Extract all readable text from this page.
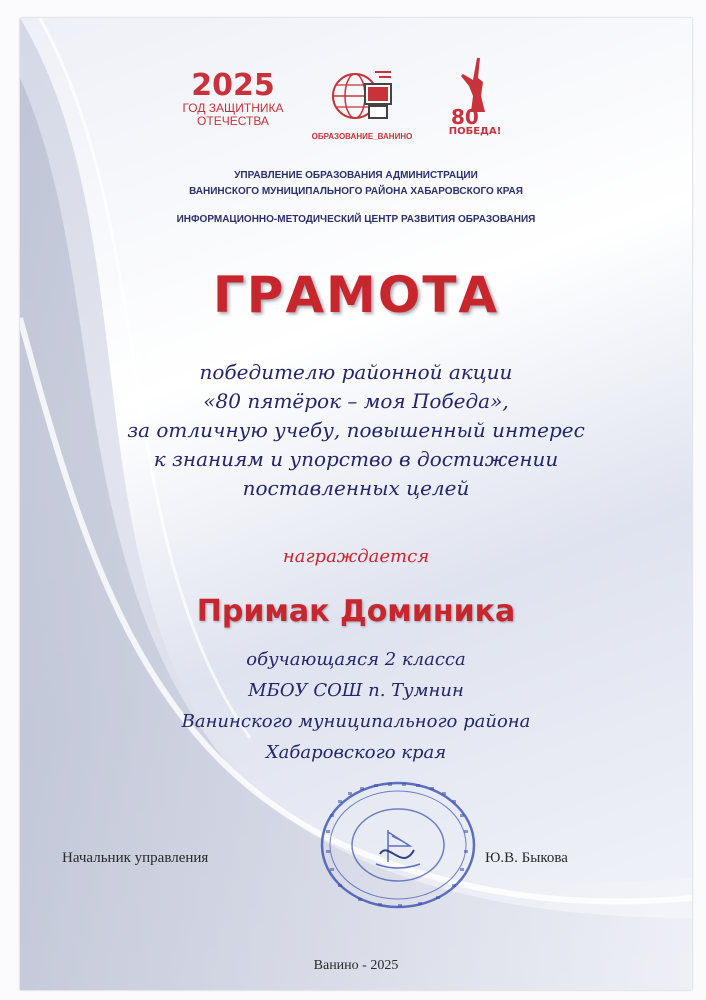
2025
ГОД ЗАЩИТНИКА
ОТЕЧЕСТВА
ОБРАЗОВАНИЕ_ВАНИНО
80
ПОБЕДА!
УПРАВЛЕНИЕ ОБРАЗОВАНИЯ АДМИНИСТРАЦИИ
ВАНИНСКОГО МУНИЦИПАЛЬНОГО РАЙОНА ХАБАРОВСКОГО КРАЯ
ИНФОРМАЦИОННО-МЕТОДИЧЕСКИЙ ЦЕНТР РАЗВИТИЯ ОБРАЗОВАНИЯ
ГРАМОТА
победителю районной акции
«80 пятёрок – моя Победа»,
за отличную учебу, повышенный интерес
к знаниям и упорство в достижении
поставленных целей
награждается
Примак Доминика
обучающаяся 2 класса
МБОУ СОШ п. Тумнин
Ванинского муниципального района
Хабаровского края
Начальник управления	Ю.В. Быкова
Ванино - 2025
